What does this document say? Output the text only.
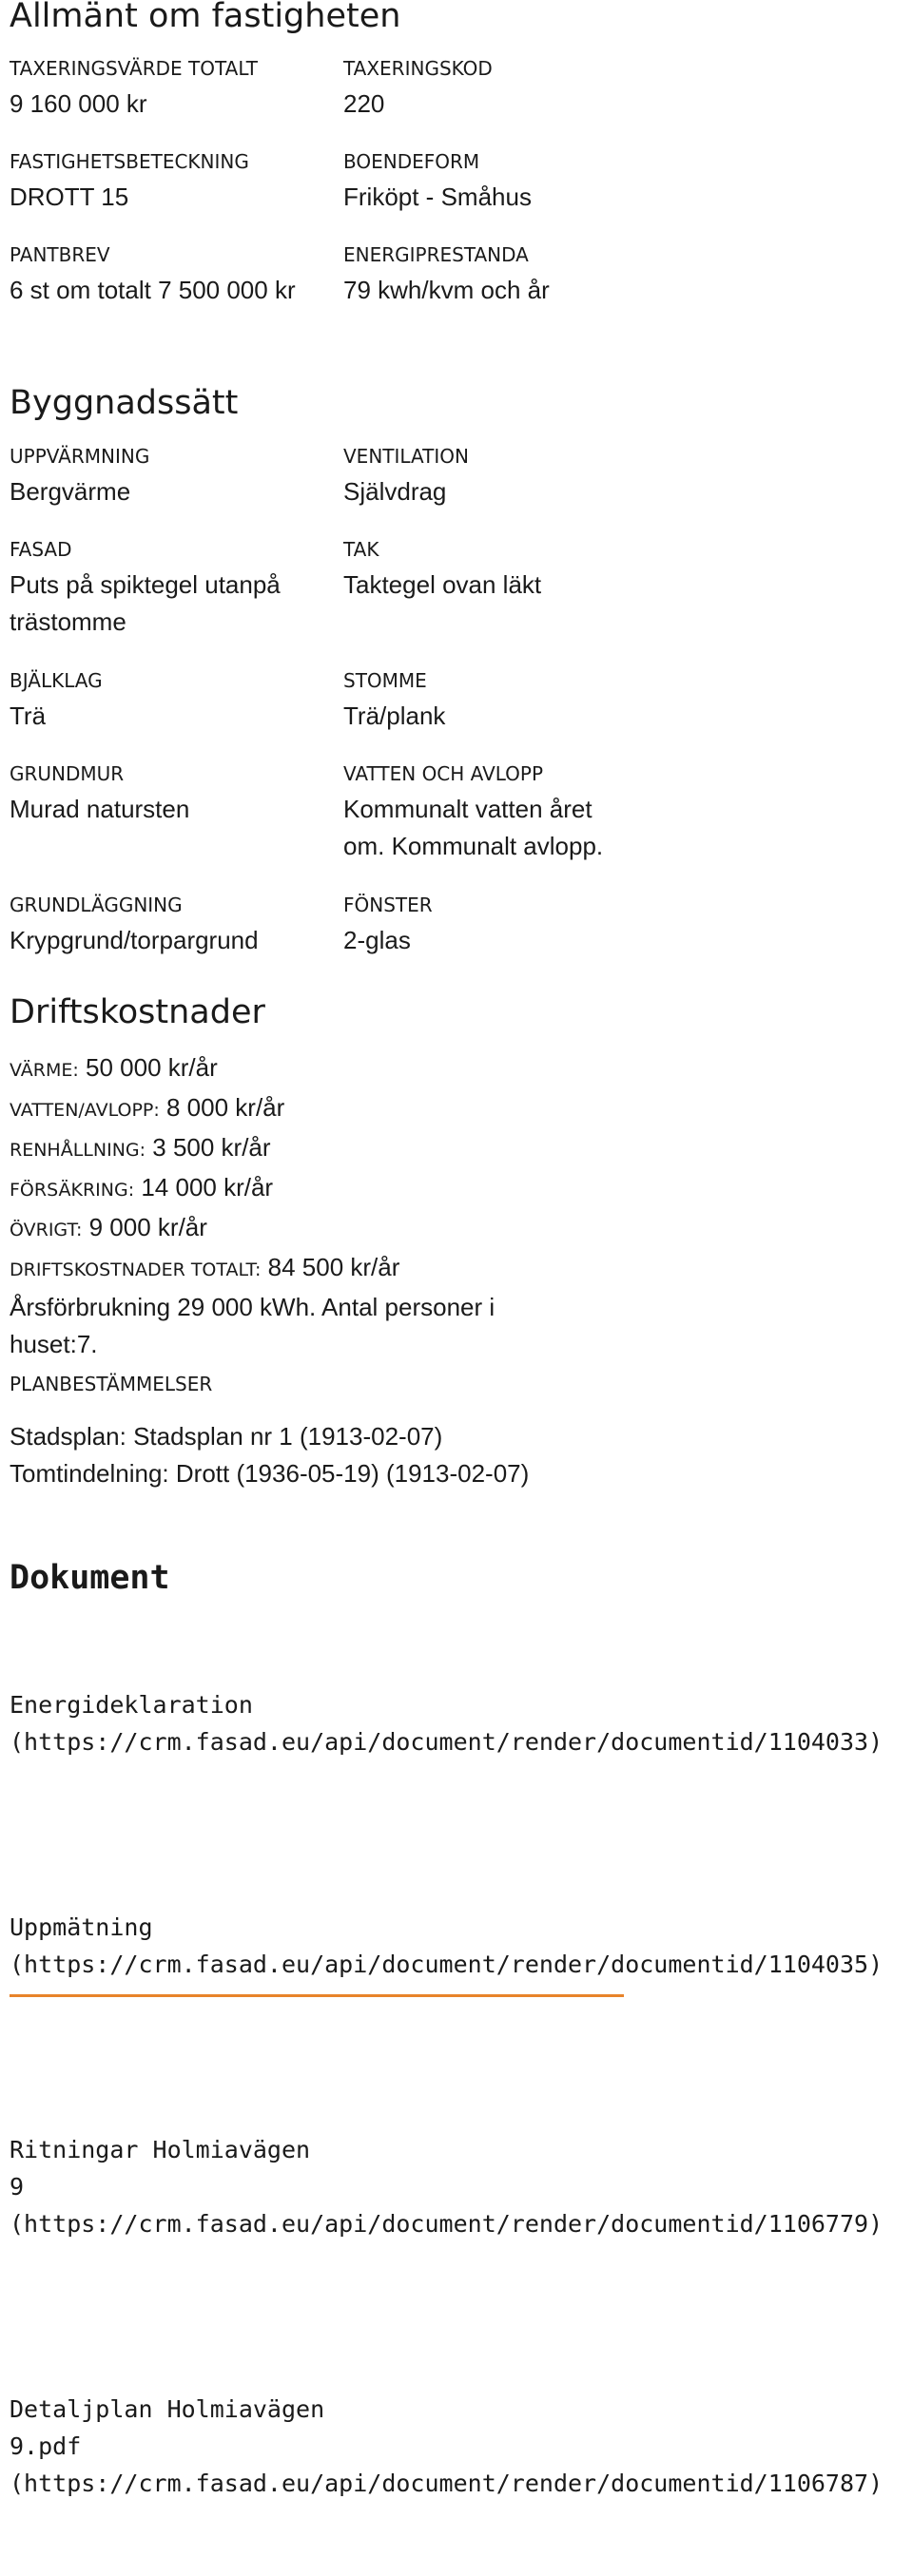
Allmänt om fastigheten
TAXERINGSVÄRDE TOTALT
9 160 000 kr
FASTIGHETSBETECKNING
DROTT 15
PANTBREV
6 st om totalt 7 500 000 kr
TAXERINGSKOD
220
BOENDEFORM
Friköpt - Småhus
ENERGIPRESTANDA
79 kwh/kvm och år
Byggnadssätt
UPPVÄRMNING
Bergvärme
FASAD
Puts på spiktegel utanpå trästomme
BJÄLKLAG
Trä
GRUNDMUR
Murad natursten
GRUNDLÄGGNING
Krypgrund/torpargrund
VENTILATION
Självdrag
TAK
Taktegel ovan läkt
STOMME
Trä/plank
VATTEN OCH AVLOPP
Kommunalt vatten året om. Kommunalt avlopp.
FÖNSTER
2-glas
Driftskostnader

VÄRME: 50 000 kr/år

VATTEN/AVLOPP: 8 000 kr/år

RENHÅLLNING: 3 500 kr/år

FÖRSÄKRING: 14 000 kr/år

ÖVRIGT: 9 000 kr/år

DRIFTSKOSTNADER TOTALT: 84 500 kr/år

Årsförbrukning 29 000 kWh. Antal personer i

huset:7.

PLANBESTÄMMELSER

Stadsplan: Stadsplan nr 1 (1913-02-07)

Tomtindelning: Drott (1936-05-19) (1913-02-07)

Dokument

Energideklaration
(https://crm.fasad.eu/api/document/render/documentid/1104033)

Uppmätning
(https://crm.fasad.eu/api/document/render/documentid/1104035)

Ritningar Holmiavägen
9
(https://crm.fasad.eu/api/document/render/documentid/1106779)

Detaljplan Holmiavägen
9.pdf
(https://crm.fasad.eu/api/document/render/documentid/1106787)
